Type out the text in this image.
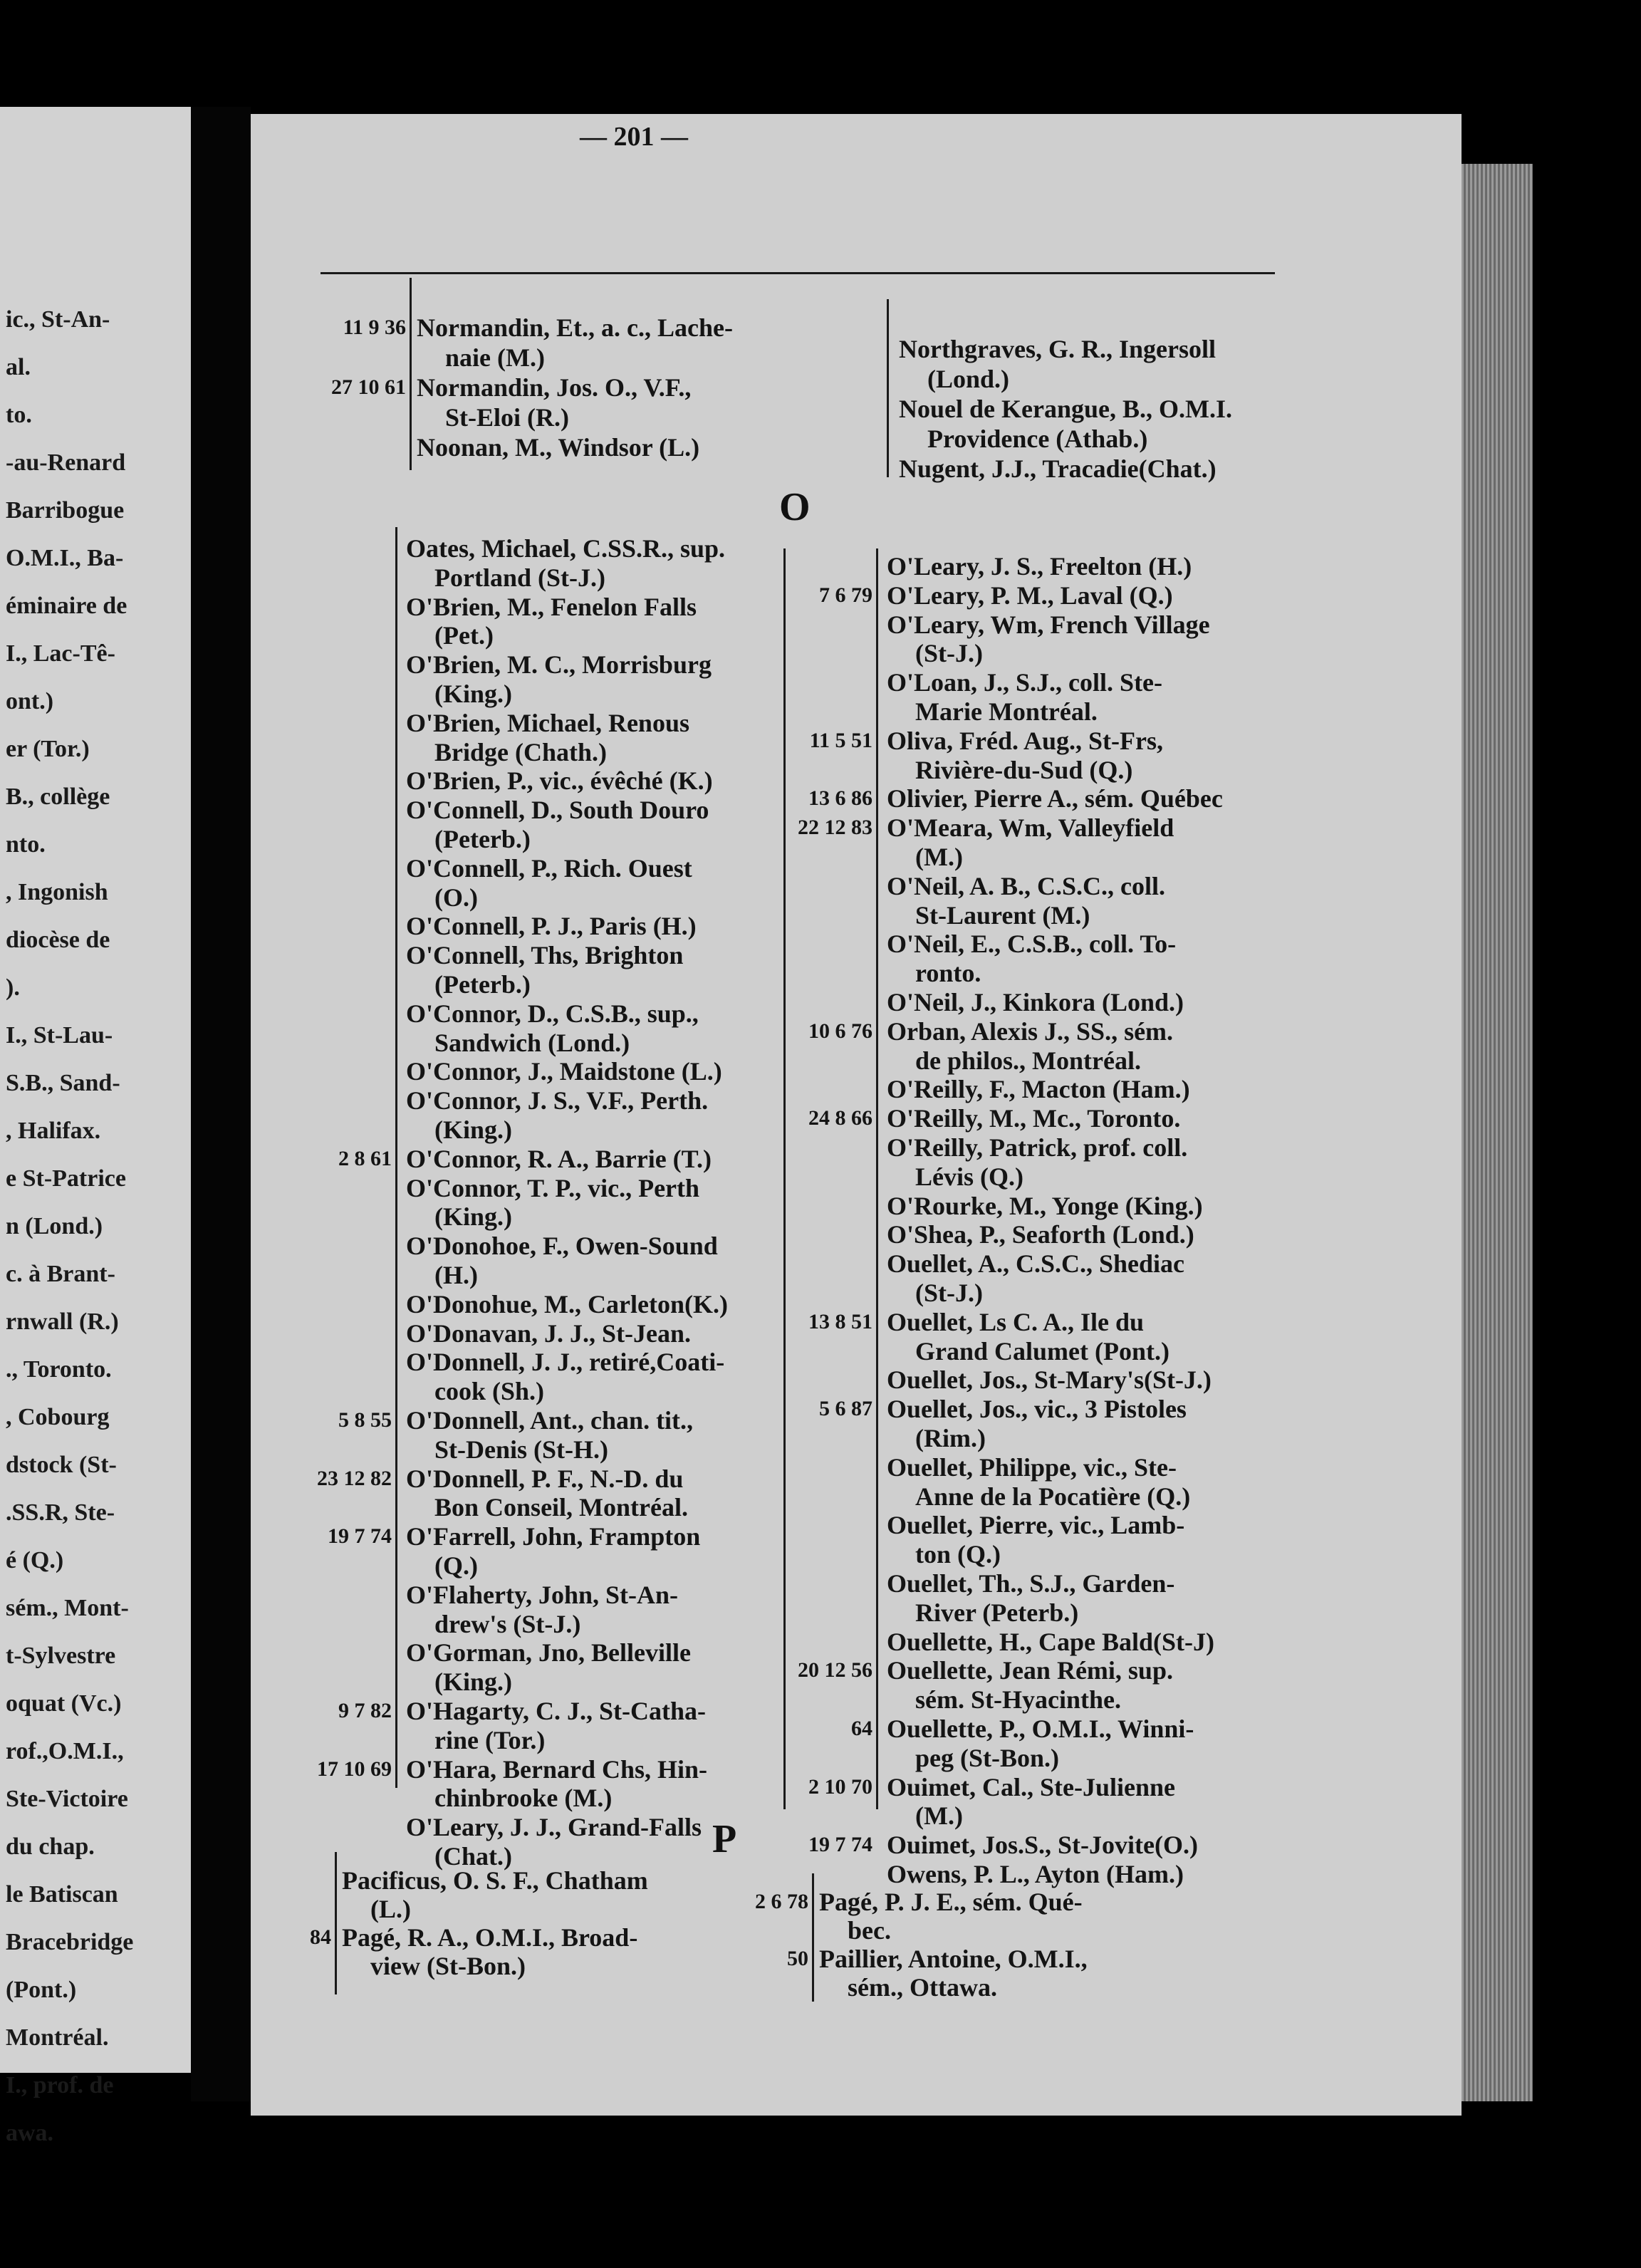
ic., St-An-
al.
to.
-au-Renard
Barribogue
O.M.I., Ba-
éminaire de
I., Lac-Tê-
ont.)
er (Tor.)
B., collège
nto.
, Ingonish
diocèse de
).
I., St-Lau-
S.B., Sand-
, Halifax.
e St-Patrice
n (Lond.)
c. à Brant-
rnwall (R.)
., Toronto.
, Cobourg
dstock (St-
.SS.R, Ste-
é (Q.)
sém., Mont-
t-Sylvestre
oquat (Vc.)
rof.,O.M.I.,
Ste-Victoire
du chap.
le Batiscan
Bracebridge
(Pont.)
Montréal.
I., prof. de
awa.
— 201 —
O
P
11 9 36 Normandin, Et., a. c., Lache-
naie (M.)
27 10 61 Normandin, Jos. O., V.F.,
St-Eloi (R.)
Noonan, M., Windsor (L.)
Northgraves, G. R., Ingersoll
(Lond.)
Nouel de Kerangue, B., O.M.I.
Providence (Athab.)
Nugent, J.J., Tracadie(Chat.)
Oates, Michael, C.SS.R., sup.
Portland (St-J.)
O'Brien, M., Fenelon Falls
(Pet.)
O'Brien, M. C., Morrisburg
(King.)
O'Brien, Michael, Renous
Bridge (Chath.)
O'Brien, P., vic., évêché (K.)
O'Connell, D., South Douro
(Peterb.)
O'Connell, P., Rich. Ouest
(O.)
O'Connell, P. J., Paris (H.)
O'Connell, Ths, Brighton
(Peterb.)
O'Connor, D., C.S.B., sup.,
Sandwich (Lond.)
O'Connor, J., Maidstone (L.)
O'Connor, J. S., V.F., Perth.
(King.)
2 8 61 O'Connor, R. A., Barrie (T.)
O'Connor, T. P., vic., Perth
(King.)
O'Donohoe, F., Owen-Sound
(H.)
O'Donohue, M., Carleton(K.)
O'Donavan, J. J., St-Jean.
O'Donnell, J. J., retiré,Coati-
cook (Sh.)
5 8 55 O'Donnell, Ant., chan. tit.,
St-Denis (St-H.)
23 12 82 O'Donnell, P. F., N.-D. du
Bon Conseil, Montréal.
19 7 74 O'Farrell, John, Frampton
(Q.)
O'Flaherty, John, St-An-
drew's (St-J.)
O'Gorman, Jno, Belleville
(King.)
9 7 82 O'Hagarty, C. J., St-Catha-
rine (Tor.)
17 10 69 O'Hara, Bernard Chs, Hin-
chinbrooke (M.)
O'Leary, J. J., Grand-Falls
(Chat.)
O'Leary, J. S., Freelton (H.)
7 6 79 O'Leary, P. M., Laval (Q.)
O'Leary, Wm, French Village
(St-J.)
O'Loan, J., S.J., coll. Ste-
Marie Montréal.
11 5 51 Oliva, Fréd. Aug., St-Frs,
Rivière-du-Sud (Q.)
13 6 86 Olivier, Pierre A., sém. Québec
22 12 83 O'Meara, Wm, Valleyfield
(M.)
O'Neil, A. B., C.S.C., coll.
St-Laurent (M.)
O'Neil, E., C.S.B., coll. To-
ronto.
O'Neil, J., Kinkora (Lond.)
10 6 76 Orban, Alexis J., SS., sém.
de philos., Montréal.
O'Reilly, F., Macton (Ham.)
24 8 66 O'Reilly, M., Mc., Toronto.
O'Reilly, Patrick, prof. coll.
Lévis (Q.)
O'Rourke, M., Yonge (King.)
O'Shea, P., Seaforth (Lond.)
Ouellet, A., C.S.C., Shediac
(St-J.)
13 8 51 Ouellet, Ls C. A., Ile du
Grand Calumet (Pont.)
Ouellet, Jos., St-Mary's(St-J.)
5 6 87 Ouellet, Jos., vic., 3 Pistoles
(Rim.)
Ouellet, Philippe, vic., Ste-
Anne de la Pocatière (Q.)
Ouellet, Pierre, vic., Lamb-
ton (Q.)
Ouellet, Th., S.J., Garden-
River (Peterb.)
Ouellette, H., Cape Bald(St-J)
20 12 56 Ouellette, Jean Rémi, sup.
sém. St-Hyacinthe.
64 Ouellette, P., O.M.I., Winni-
peg (St-Bon.)
2 10 70 Ouimet, Cal., Ste-Julienne
(M.)
19 7 74 Ouimet, Jos.S., St-Jovite(O.)
Owens, P. L., Ayton (Ham.)
Pacificus, O. S. F., Chatham
(L.)
84 Pagé, R. A., O.M.I., Broad-
view (St-Bon.)
2 6 78 Pagé, P. J. E., sém. Qué-
bec.
50 Paillier, Antoine, O.M.I.,
sém., Ottawa.
